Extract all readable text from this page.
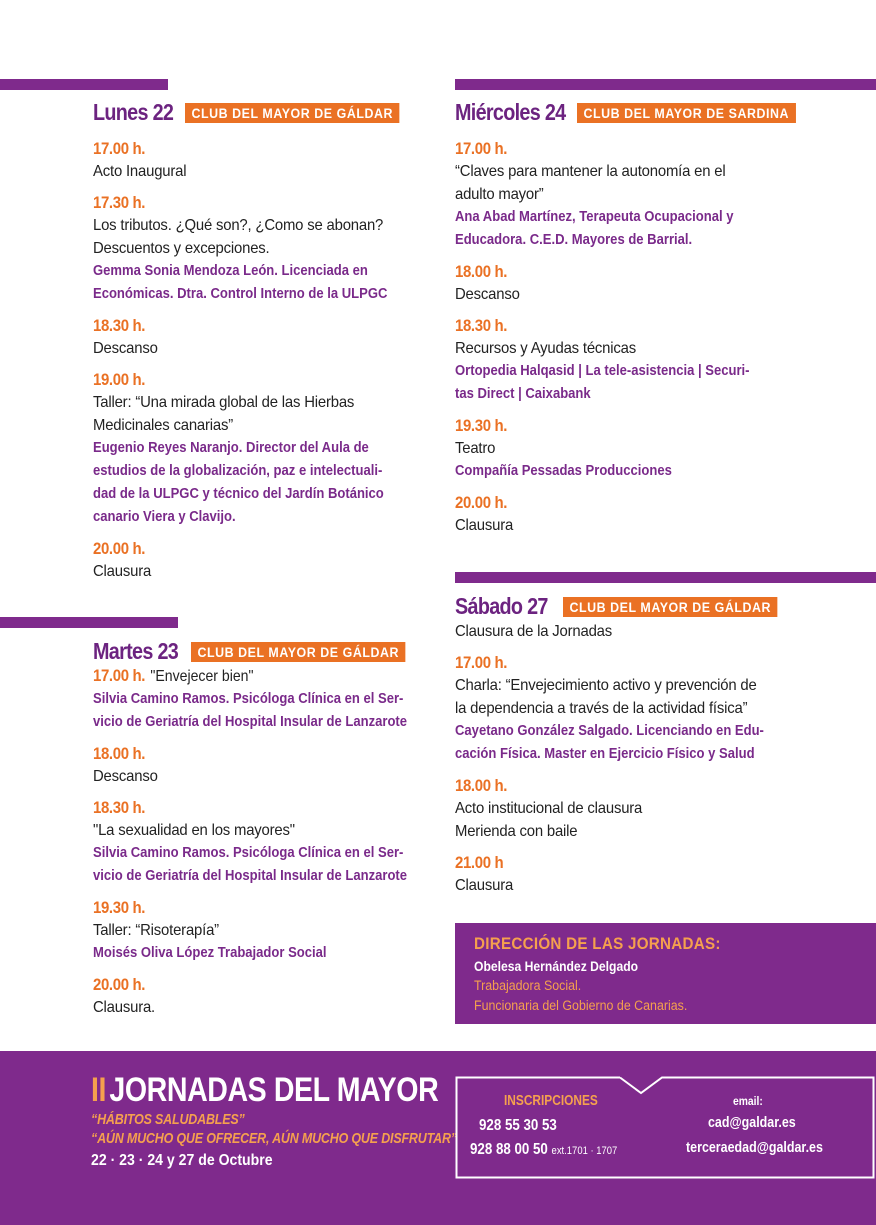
Lunes 22	CLUB DEL MAYOR DE GÁLDAR
17.00 h.
Acto Inaugural
17.30 h.
Los tributos. ¿Qué son?, ¿Como se abonan?
Descuentos y excepciones.
Gemma Sonia Mendoza León. Licenciada en
Económicas. Dtra. Control Interno de la ULPGC
18.30 h.
Descanso
19.00 h.
Taller: “Una mirada global de las Hierbas
Medicinales canarias”
Eugenio Reyes Naranjo. Director del Aula de
estudios de la globalización, paz e intelectuali-
dad de la ULPGC y técnico del Jardín Botánico
canario Viera y Clavijo.
20.00 h.
Clausura
Martes 23	CLUB DEL MAYOR DE GÁLDAR
17.00 h. "Envejecer bien"
Silvia Camino Ramos. Psicóloga Clínica en el Ser-
vicio de Geriatría del Hospital Insular de Lanzarote
18.00 h.
Descanso
18.30 h.
"La sexualidad en los mayores"
Silvia Camino Ramos. Psicóloga Clínica en el Ser-
vicio de Geriatría del Hospital Insular de Lanzarote
19.30 h.
Taller: “Risoterapía”
Moisés Oliva López Trabajador Social
20.00 h.
Clausura.
Miércoles 24	CLUB DEL MAYOR DE SARDINA
17.00 h.
“Claves para mantener la autonomía en el
adulto mayor”
Ana Abad Martínez, Terapeuta Ocupacional y
Educadora. C.E.D. Mayores de Barrial.
18.00 h.
Descanso
18.30 h.
Recursos y Ayudas técnicas
Ortopedia Halqasid | La tele-asistencia | Securi-
tas Direct | Caixabank
19.30 h.
Teatro
Compañía Pessadas Producciones
20.00 h.
Clausura
Sábado 27	CLUB DEL MAYOR DE GÁLDAR
Clausura de la Jornadas
17.00 h.
Charla: “Envejecimiento activo y prevención de
la dependencia a través de la actividad física”
Cayetano González Salgado. Licenciando en Edu-
cación Física. Master en Ejercicio Físico y Salud
18.00 h.
Acto institucional de clausura
Merienda con baile
21.00 h
Clausura
DIRECCIÓN DE LAS JORNADAS:
Obelesa Hernández Delgado
Trabajadora Social.
Funcionaria del Gobierno de Canarias.
IIJORNADAS DEL MAYOR
“HÁBITOS SALUDABLES”
“AÚN MUCHO QUE OFRECER, AÚN MUCHO QUE DISFRUTAR”
22 · 23 · 24 y 27 de Octubre
INSCRIPCIONES
928 55 30 53
928 88 00 50 ext.1701 · 1707
email:
cad@galdar.es
terceraedad@galdar.es
